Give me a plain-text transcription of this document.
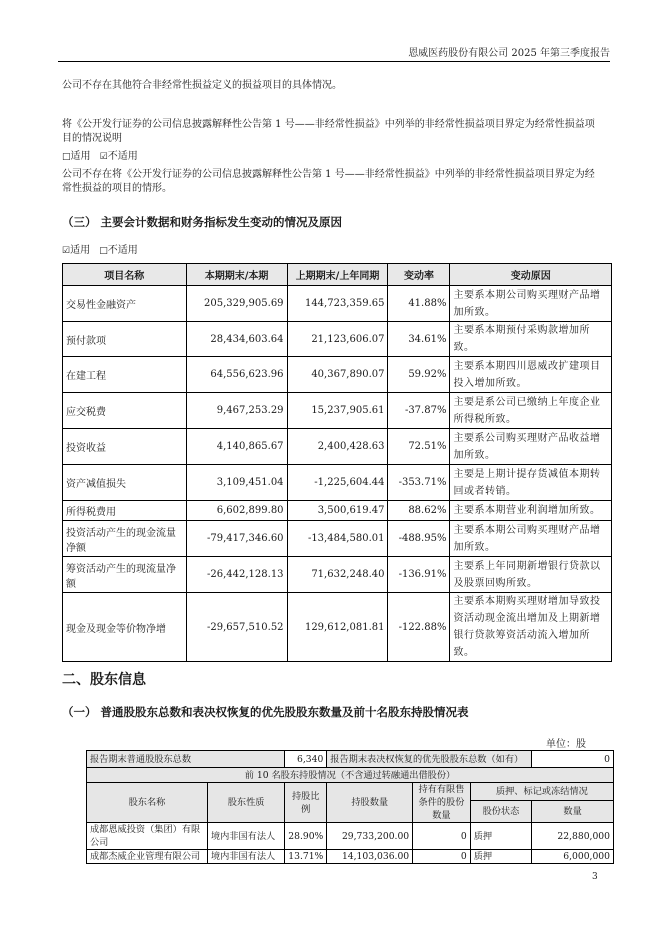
恩威医药股份有限公司 2025 年第三季度报告
公司不存在其他符合非经常性损益定义的损益项目的具体情况。
将《公开发行证券的公司信息披露解释性公告第 1 号——非经常性损益》中列举的非经常性损益项目界定为经常性损益项目的情况说明
□适用 ☑不适用
公司不存在将《公开发行证券的公司信息披露解释性公告第 1 号——非经常性损益》中列举的非经常性损益项目界定为经常性损益的项目的情形。
（三） 主要会计数据和财务指标发生变动的情况及原因
☑适用 □不适用
项目名称	本期期末/本期	上期期末/上年同期	变动率	变动原因
交易性金融资产	205,329,905.69	144,723,359.65	41.88%	主要系本期公司购买理财产品增加所致。
预付款项	28,434,603.64	21,123,606.07	34.61%	主要系本期预付采购款增加所致。
在建工程	64,556,623.96	40,367,890.07	59.92%	主要系本期四川恩威改扩建项目投入增加所致。
应交税费	9,467,253.29	15,237,905.61	-37.87%	主要是系公司已缴纳上年度企业所得税所致。
投资收益	4,140,865.67	2,400,428.63	72.51%	主要系公司购买理财产品收益增加所致。
资产减值损失	3,109,451.04	-1,225,604.44	-353.71%	主要是上期计提存货减值本期转回或者转销。
所得税费用	6,602,899.80	3,500,619.47	88.62%	主要系本期营业利润增加所致。
投资活动产生的现金流量净额	-79,417,346.60	-13,484,580.01	-488.95%	主要系本期公司购买理财产品增加所致。
筹资活动产生的现流量净额	-26,442,128.13	71,632,248.40	-136.91%	主要系上年同期新增银行贷款以及股票回购所致。
现金及现金等价物净增	-29,657,510.52	129,612,081.81	-122.88%	主要系本期购买理财增加导致投资活动现金流出增加及上期新增银行贷款筹资活动流入增加所致。
二、股东信息
（一） 普通股股东总数和表决权恢复的优先股股东数量及前十名股东持股情况表
单位：股
报告期末普通股股东总数		6,340	报告期末表决权恢复的优先股股东总数（如有）			0
前 10 名股东持股情况（不含通过转融通出借股份）						
股东名称	股东性质	持股比例	持股数量	持有有限售条件的股份数量	质押、标记或冻结情况	
					股份状态	数量
成都恩威投资（集团）有限公司	境内非国有法人	28.90%	29,733,200.00	0	质押	22,880,000
成都杰威企业管理有限公司	境内非国有法人	13.71%	14,103,036.00	0	质押	6,000,000
3
